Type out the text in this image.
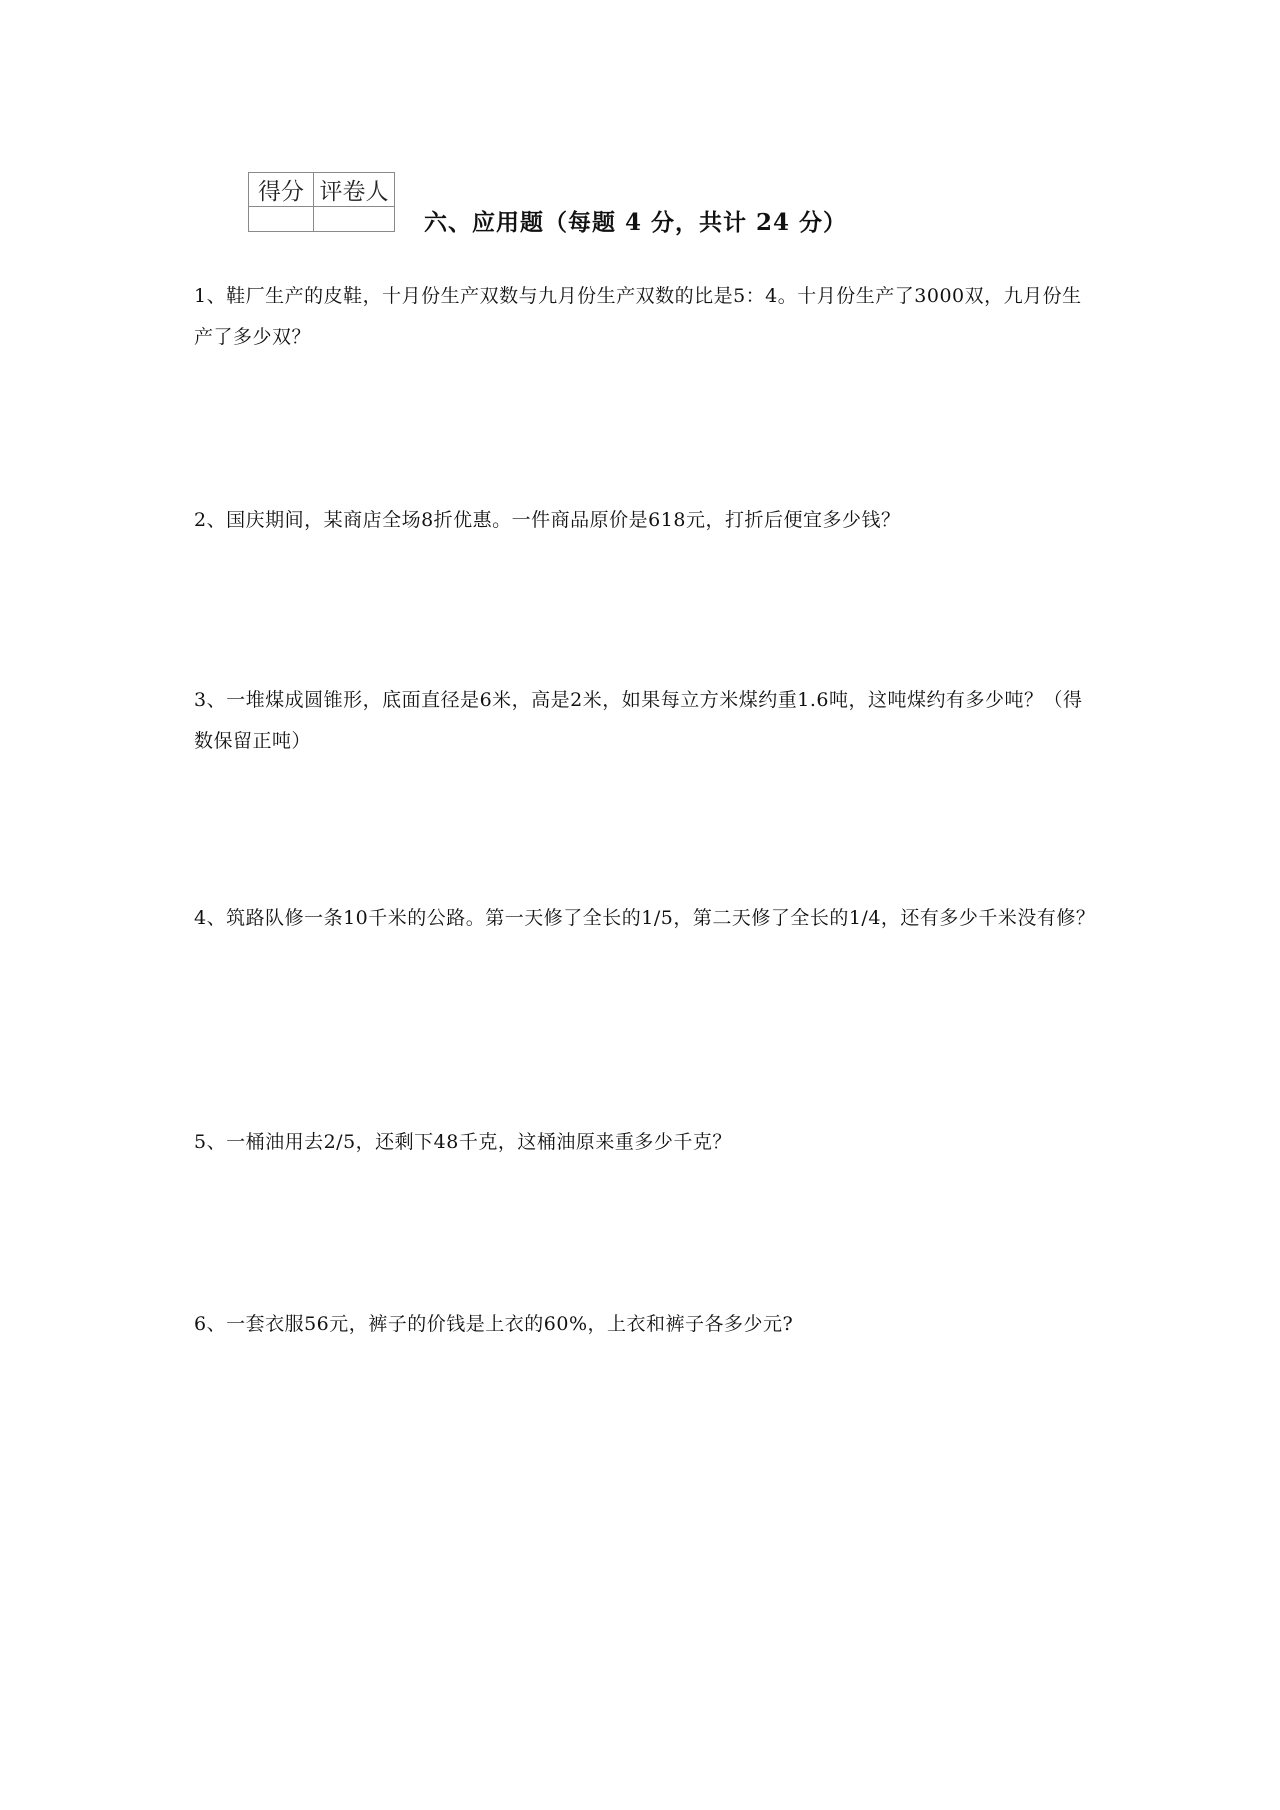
得分	评卷人

六、应用题（每题 4 分，共计 24 分）
1、鞋厂生产的皮鞋，十月份生产双数与九月份生产双数的比是5：4。十月份生产了3000双，九月份生产了多少双？
2、国庆期间，某商店全场8折优惠。一件商品原价是618元，打折后便宜多少钱？
3、一堆煤成圆锥形，底面直径是6米，高是2米，如果每立方米煤约重1.6吨，这吨煤约有多少吨？（得数保留正吨）
4、筑路队修一条10千米的公路。第一天修了全长的1/5，第二天修了全长的1/4，还有多少千米没有修？
5、一桶油用去2/5，还剩下48千克，这桶油原来重多少千克？
6、一套衣服56元，裤子的价钱是上衣的60%，上衣和裤子各多少元?
